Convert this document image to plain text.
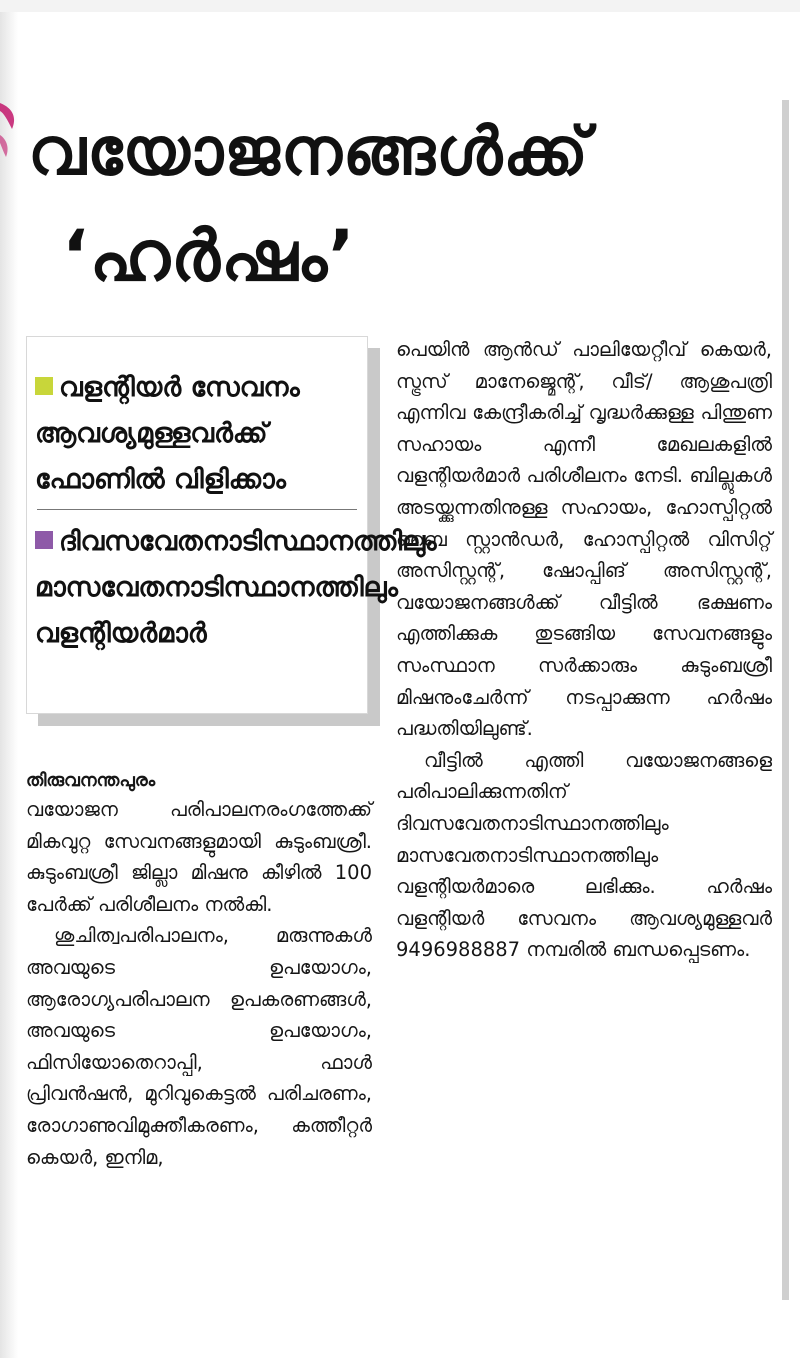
വയോജനങ്ങൾക്ക്
‘ഹർഷം’

വളന്റിയർ സേവനം ആവശ്യമുള്ളവർക്ക് ഫോണിൽ വിളിക്കാം

ദിവസവേതനാടിസ്ഥാനത്തിലും മാസവേതനാടിസ്ഥാനത്തിലും വളന്റിയർമാർ

തിരുവനന്തപുരം

വയോജന പരിപാലനരംഗത്തേക്ക് മികവുറ്റ സേവനങ്ങളുമായി കുടുംബശ്രീ. കുടുംബശ്രീ ജില്ലാ മിഷനു കീഴിൽ 100 പേർക്ക് പരിശീലനം നൽകി.

ശുചിത്വപരിപാലനം, മരുന്നുകൾ അവയുടെ ഉപയോഗം, ആരോഗ്യപരിപാലന ഉപകരണങ്ങൾ, അവയുടെ ഉപയോഗം, ഫിസിയോതെറാപ്പി, ഫാൾ പ്രിവൻഷൻ, മുറിവുകെട്ടൽ പരിചരണം, രോഗാണുവിമുക്തീകരണം, കത്തീറ്റർ കെയർ, ഇനിമ,

പെയിൻ ആൻഡ് പാലിയേറ്റീവ് കെയർ, സ്ട്രസ് മാനേജ്മെന്റ്, വീട്/ ആശുപത്രി എന്നിവ കേന്ദ്രീകരിച്ച് വൃദ്ധർക്കുള്ള പിന്തുണ സഹായം എന്നീ മേഖലകളിൽ വളന്റിയർമാർ പരിശീലനം നേടി. ബില്ലുകൾ അടയ്ക്കുന്നതിനുള്ള സഹായം, ഹോസ്പിറ്റൽ ബൈ സ്റ്റാൻഡർ, ഹോസ്പിറ്റൽ വിസിറ്റ് അസിസ്റ്റന്റ്, ഷോപ്പിങ് അസിസ്റ്റന്റ്, വയോജനങ്ങൾക്ക് വീട്ടിൽ ഭക്ഷണം എത്തിക്കുക തുടങ്ങിയ സേവനങ്ങളും സംസ്ഥാന സർക്കാരും കുടുംബശ്രീ മിഷനുംചേർന്ന് നടപ്പാക്കുന്ന ഹർഷം പദ്ധതിയിലുണ്ട്.

വീട്ടിൽ എത്തി വയോജനങ്ങളെ പരിപാലിക്കുന്നതിന് ദിവസവേതനാടിസ്ഥാനത്തിലും മാസവേതനാടിസ്ഥാനത്തിലും വളന്റിയർമാരെ ലഭിക്കും. ഹർഷം വളന്റിയർ സേവനം ആവശ്യമുള്ളവർ 9496988887 നമ്പരിൽ ബന്ധപ്പെടണം.
